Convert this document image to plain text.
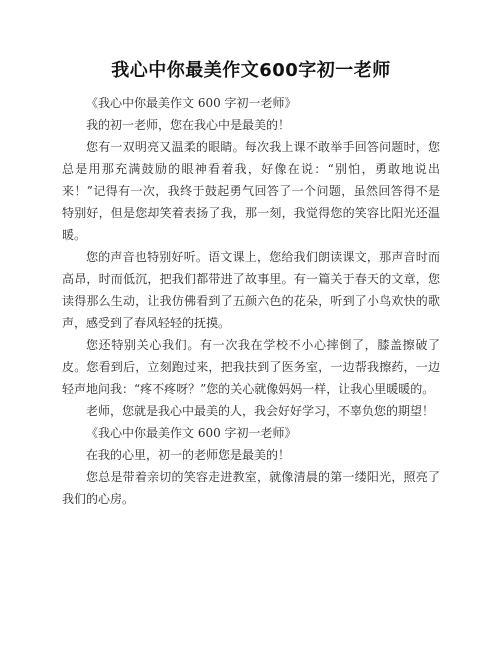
我心中你最美作文600字初一老师

《我心中你最美作文 600 字初一老师》

我的初一老师，您在我心中是最美的！

您有一双明亮又温柔的眼睛。每次我上课不敢举手回答问题时，您总是用那充满鼓励的眼神看着我，好像在说：“别怕，勇敢地说出来！”记得有一次，我终于鼓起勇气回答了一个问题，虽然回答得不是特别好，但是您却笑着表扬了我，那一刻，我觉得您的笑容比阳光还温暖。

您的声音也特别好听。语文课上，您给我们朗读课文，那声音时而高昂，时而低沉，把我们都带进了故事里。有一篇关于春天的文章，您读得那么生动，让我仿佛看到了五颜六色的花朵，听到了小鸟欢快的歌声，感受到了春风轻轻的抚摸。

您还特别关心我们。有一次我在学校不小心摔倒了，膝盖擦破了皮。您看到后，立刻跑过来，把我扶到了医务室，一边帮我擦药，一边轻声地问我：“疼不疼呀？”您的关心就像妈妈一样，让我心里暖暖的。

老师，您就是我心中最美的人，我会好好学习，不辜负您的期望！

《我心中你最美作文 600 字初一老师》

在我的心里，初一的老师您是最美的！

您总是带着亲切的笑容走进教室，就像清晨的第一缕阳光，照亮了我们的心房。
